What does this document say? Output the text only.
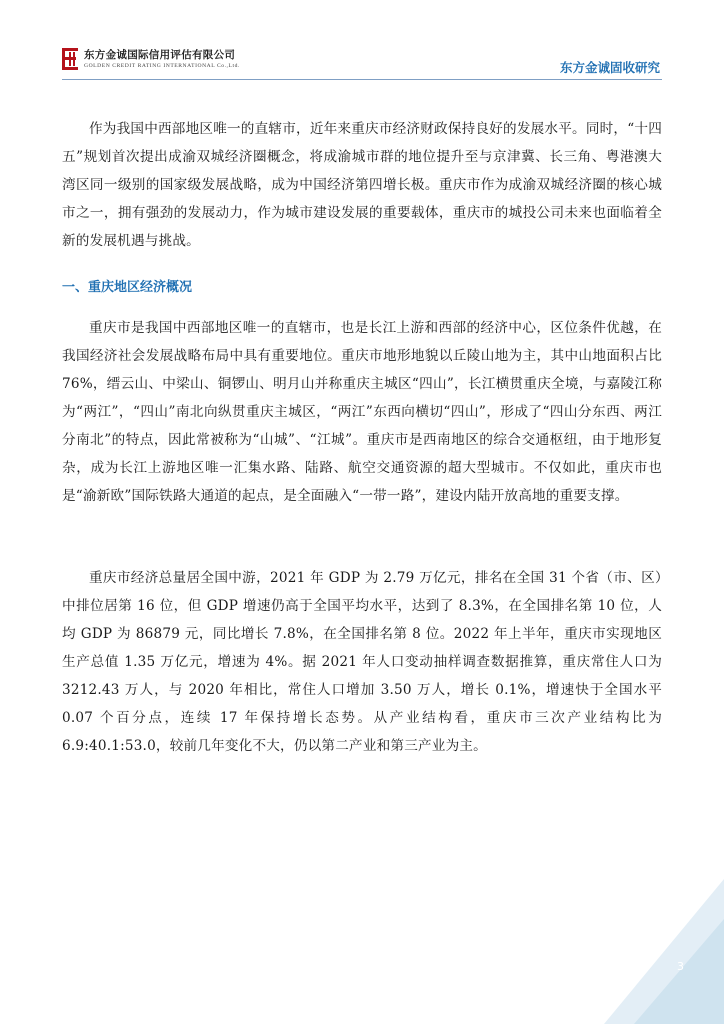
东方金诚国际信用评估有限公司
GOLDEN CREDIT RATING INTERNATIONAL Co.,Ltd.	东方金诚固收研究

作为我国中西部地区唯一的直辖市，近年来重庆市经济财政保持良好的发展水平。同时，“十四五”规划首次提出成渝双城经济圈概念，将成渝城市群的地位提升至与京津冀、长三角、粤港澳大湾区同一级别的国家级发展战略，成为中国经济第四增长极。重庆市作为成渝双城经济圈的核心城市之一，拥有强劲的发展动力，作为城市建设发展的重要载体，重庆市的城投公司未来也面临着全新的发展机遇与挑战。

一、重庆地区经济概况

重庆市是我国中西部地区唯一的直辖市，也是长江上游和西部的经济中心，区位条件优越，在我国经济社会发展战略布局中具有重要地位。重庆市地形地貌以丘陵山地为主，其中山地面积占比76%，缙云山、中梁山、铜锣山、明月山并称重庆主城区“四山”，长江横贯重庆全境，与嘉陵江称为“两江”，“四山”南北向纵贯重庆主城区，“两江”东西向横切“四山”，形成了“四山分东西、两江分南北”的特点，因此常被称为“山城”、“江城”。重庆市是西南地区的综合交通枢纽，由于地形复杂，成为长江上游地区唯一汇集水路、陆路、航空交通资源的超大型城市。不仅如此，重庆市也是“渝新欧”国际铁路大通道的起点，是全面融入“一带一路”，建设内陆开放高地的重要支撑。

重庆市经济总量居全国中游，2021 年 GDP 为 2.79 万亿元，排名在全国 31 个省（市、区）中排位居第 16 位，但 GDP 增速仍高于全国平均水平，达到了 8.3%，在全国排名第 10 位，人均 GDP 为 86879 元，同比增长 7.8%，在全国排名第 8 位。2022 年上半年，重庆市实现地区生产总值 1.35 万亿元，增速为 4%。据 2021 年人口变动抽样调查数据推算，重庆常住人口为 3212.43 万人，与 2020 年相比，常住人口增加 3.50 万人，增长 0.1%，增速快于全国水平 0.07 个百分点，连续 17 年保持增长态势。从产业结构看，重庆市三次产业结构比为 6.9:40.1:53.0，较前几年变化不大，仍以第二产业和第三产业为主。

3
